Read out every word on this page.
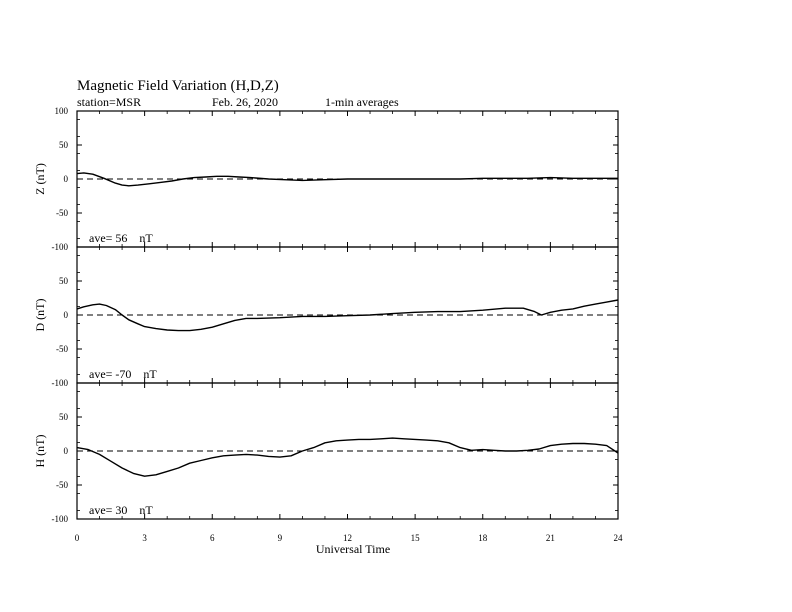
Magnetic Field Variation (H,D,Z)
station=MSR	Feb. 26, 2020	1-min averages
100
50
0
-50
-100
Z (nT)
ave= 56 nT
50
0
-50
-100
D (nT)
ave= -70 nT
50
0
-50
-100
H (nT)
ave= 30 nT
0	3	6	9	12	15	18	21	24
Universal Time
